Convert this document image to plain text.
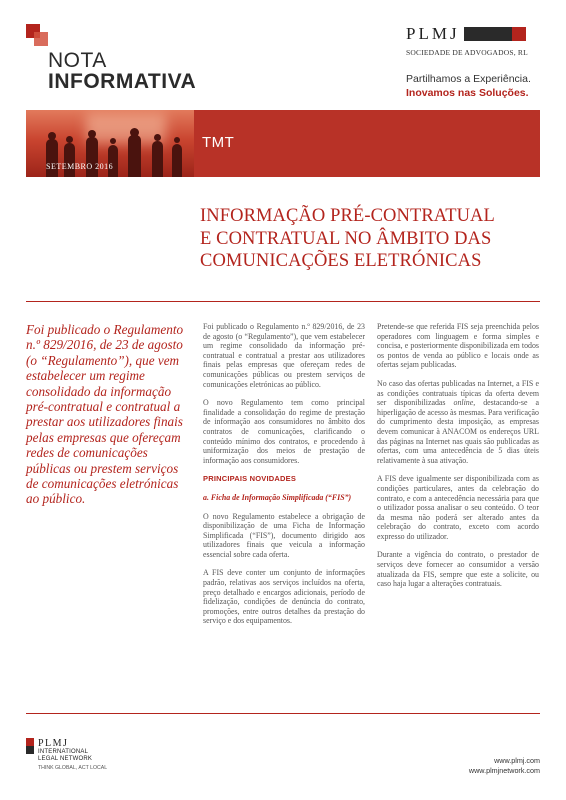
NOTA
INFORMATIVA
PLMJ
SOCIEDADE DE ADVOGADOS, RL
Partilhamos a Experiência.
Inovamos nas Soluções.
SETEMBRO 2016
TMT
INFORMAÇÃO PRÉ-CONTRATUAL
E CONTRATUAL NO ÂMBITO DAS
COMUNICAÇÕES ELETRÓNICAS
Foi publicado o Regulamento n.º 829/2016, de 23 de agosto (o “Regulamento”), que vem estabelecer um regime consolidado da informação pré-contratual e contratual a prestar aos utilizadores finais pelas empresas que ofereçam redes de comunicações públicas ou prestem serviços de comunicações eletrónicas ao público.

Foi publicado o Regulamento n.º 829/2016, de 23 de agosto (o “Regulamento”), que vem estabelecer um regime consolidado da informação pré-contratual e contratual a prestar aos utilizadores finais pelas empresas que ofereçam redes de comunicações públicas ou prestem serviços de comunicações eletrónicas ao público.

O novo Regulamento tem como principal finalidade a consolidação do regime de prestação de informação aos consumidores no âmbito dos contratos de comunicações, clarificando o conteúdo mínimo dos contratos, e procedendo à uniformização dos meios de prestação de informação aos consumidores.

PRINCIPAIS NOVIDADES
a. Ficha de Informação Simplificada (“FIS”)

O novo Regulamento estabelece a obrigação de disponibilização de uma Ficha de Informação Simplificada (“FIS”), documento dirigido aos utilizadores finais que veicula a informação essencial sobre cada oferta.

A FIS deve conter um conjunto de informações padrão, relativas aos serviços incluídos na oferta, preço detalhado e encargos adicionais, período de fidelização, condições de denúncia do contrato, promoções, entre outros detalhes da prestação do serviço e dos equipamentos.

Pretende-se que referida FIS seja preenchida pelos operadores com linguagem e forma simples e concisa, e posteriormente disponibilizada em todos os pontos de venda ao público e locais onde as ofertas sejam publicadas.

No caso das ofertas publicadas na Internet, a FIS e as condições contratuais típicas da oferta devem ser disponibilizadas online, destacando-se a hiperligação de acesso às mesmas. Para verificação do cumprimento desta imposição, as empresas devem comunicar à ANACOM os endereços URL das páginas na Internet nas quais são publicadas as ofertas, com uma antecedência de 5 dias úteis relativamente à sua ativação.

A FIS deve igualmente ser disponibilizada com as condições particulares, antes da celebração do contrato, e com a antecedência necessária para que o utilizador possa analisar o seu conteúdo. O teor da mesma não poderá ser alterado antes da celebração do contrato, exceto com acordo expresso do utilizador.

Durante a vigência do contrato, o prestador de serviços deve fornecer ao consumidor a versão atualizada da FIS, sempre que este a solicite, ou caso haja lugar a alterações contratuais.

PLMJ
INTERNATIONAL
LEGAL NETWORK
THINK GLOBAL, ACT LOCAL
www.plmj.com
www.plmjnetwork.com
